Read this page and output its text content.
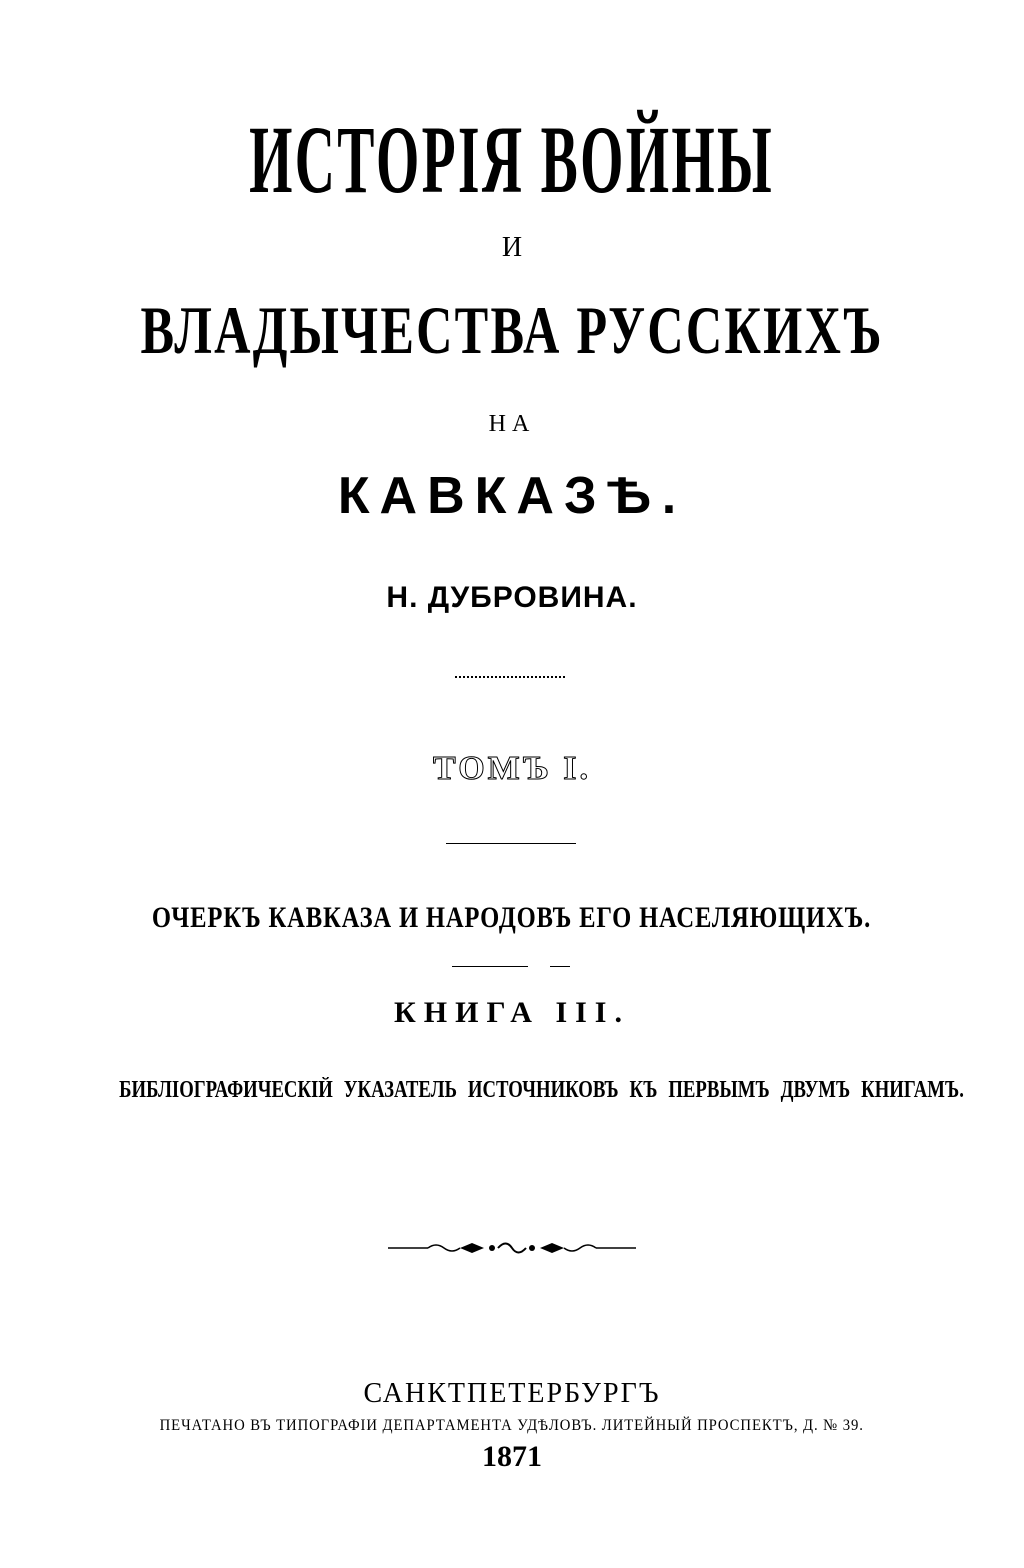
ИСТОРІЯ ВОЙНЫ
И
ВЛАДЫЧЕСТВА РУССКИХЪ
НА
КАВКАЗѢ.
Н. ДУБРОВИНА.
ТОМЪ I.
ОЧЕРКЪ КАВКАЗА И НАРОДОВЪ ЕГО НАСЕЛЯЮЩИХЪ.
КНИГА III.
БИБЛІОГРАФИЧЕСКІЙ УКАЗАТЕЛЬ ИСТОЧНИКОВЪ КЪ ПЕРВЫМЪ ДВУМЪ КНИГАМЪ.
САНКТПЕТЕРБУРГЪ
ПЕЧАТАНО ВЪ ТИПОГРАФІИ ДЕПАРТАМЕНТА УДѢЛОВЪ. ЛИТЕЙНЫЙ ПРОСПЕКТЪ, Д. № 39.
1871
